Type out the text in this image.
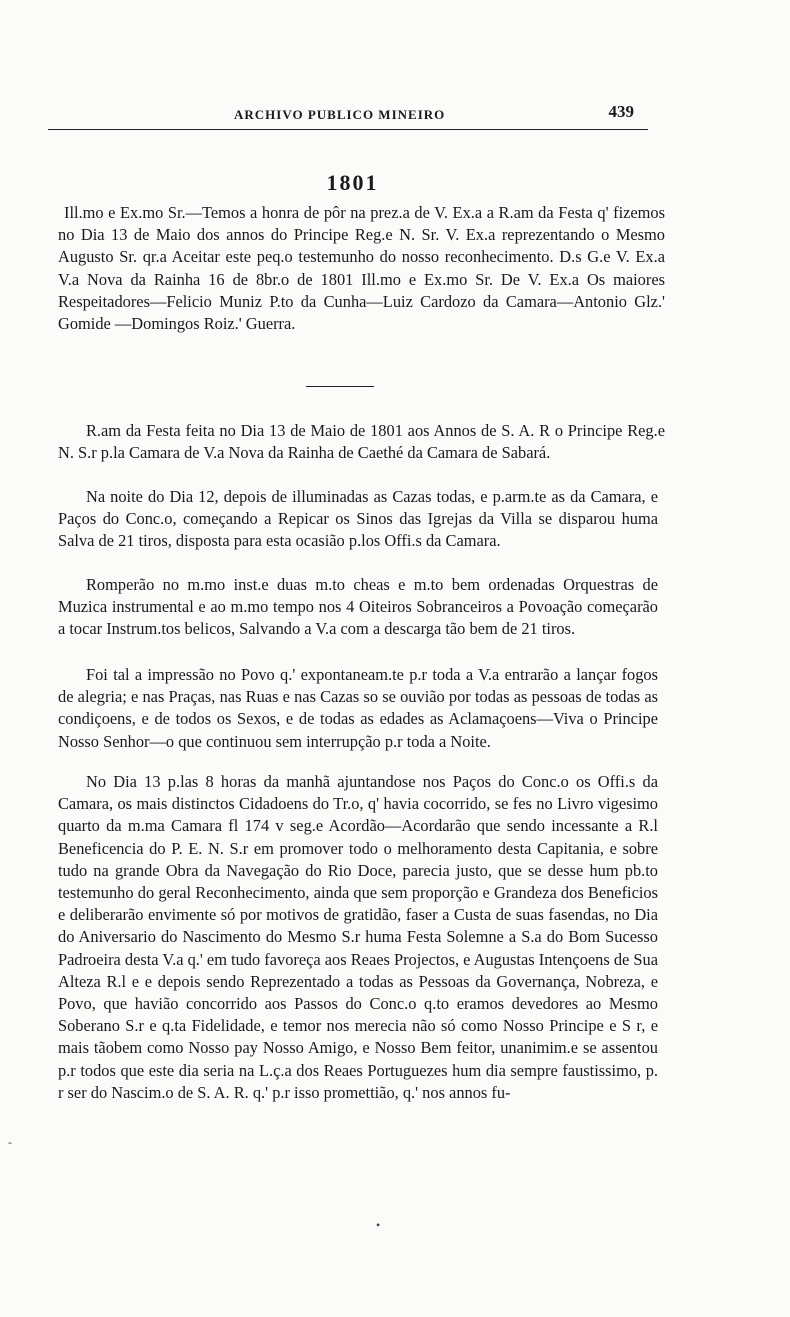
ARCHIVO PUBLICO MINEIRO	439
1801
Ill.mo e Ex.mo Sr.—Temos a honra de pôr na prez.a de V. Ex.a a R.am da Festa q' fizemos no Dia 13 de Maio dos annos do Principe Reg.e N. Sr. V. Ex.a reprezentando o Mesmo Augusto Sr. qr.a Aceitar este peq.o testemunho do nosso reconhecimento. D.s G.e V. Ex.a V.a Nova da Rainha 16 de 8br.o de 1801 Ill.mo e Ex.mo Sr. De V. Ex.a Os maiores Respeitadores—Felicio Muniz P.to da Cunha—Luiz Cardozo da Camara—Antonio Glz.' Gomide —Domingos Roiz.' Guerra.
R.am da Festa feita no Dia 13 de Maio de 1801 aos Annos de S. A. R o Principe Reg.e N. S.r p.la Camara de V.a Nova da Rainha de Caethé da Camara de Sabará.
Na noite do Dia 12, depois de illuminadas as Cazas todas, e p.arm.te as da Camara, e Paços do Conc.o, começando a Repicar os Sinos das Igrejas da Villa se disparou huma Salva de 21 tiros, disposta para esta ocasião p.los Offi.s da Camara.
Romperão no m.mo inst.e duas m.to cheas e m.to bem ordenadas Orquestras de Muzica instrumental e ao m.mo tempo nos 4 Oiteiros Sobranceiros a Povoação começarão a tocar Instrum.tos belicos, Salvando a V.a com a descarga tão bem de 21 tiros.
Foi tal a impressão no Povo q.' expontaneam.te p.r toda a V.a entrarão a lançar fogos de alegria; e nas Praças, nas Ruas e nas Cazas so se ouvião por todas as pessoas de todas as condiçoens, e de todos os Sexos, e de todas as edades as Aclamaçoens—Viva o Principe Nosso Senhor—o que continuou sem interrupção p.r toda a Noite.
No Dia 13 p.las 8 horas da manhã ajuntandose nos Paços do Conc.o os Offi.s da Camara, os mais distinctos Cidadoens do Tr.o, q' havia cocorrido, se fes no Livro vigesimo quarto da m.ma Camara fl 174 v seg.e Acordão—Acordarão que sendo incessante a R.l Beneficencia do P. E. N. S.r em promover todo o melhoramento desta Capitania, e sobre tudo na grande Obra da Navegação do Rio Doce, parecia justo, que se desse hum pb.to testemunho do geral Reconhecimento, ainda que sem proporção e Grandeza dos Beneficios e deliberarão envimente só por motivos de gratidão, faser a Custa de suas fasendas, no Dia do Aniversario do Nascimento do Mesmo S.r huma Festa Solemne a S.a do Bom Sucesso Padroeira desta V.a q.' em tudo favoreça aos Reaes Projectos, e Augustas Intençoens de Sua Alteza R.l e e depois sendo Reprezentado a todas as Pessoas da Governança, Nobreza, e Povo, que havião concorrido aos Passos do Conc.o q.to eramos devedores ao Mesmo Soberano S.r e q.ta Fidelidade, e temor nos merecia não só como Nosso Principe e S r, e mais tãobem como Nosso pay Nosso Amigo, e Nosso Bem feitor, unanimim.e se assentou p.r todos que este dia seria na L.ç.a dos Reaes Portuguezes hum dia sempre faustissimo, p. r ser do Nascim.o de S. A. R. q.' p.r isso promettião, q.' nos annos fu-
‑
•
